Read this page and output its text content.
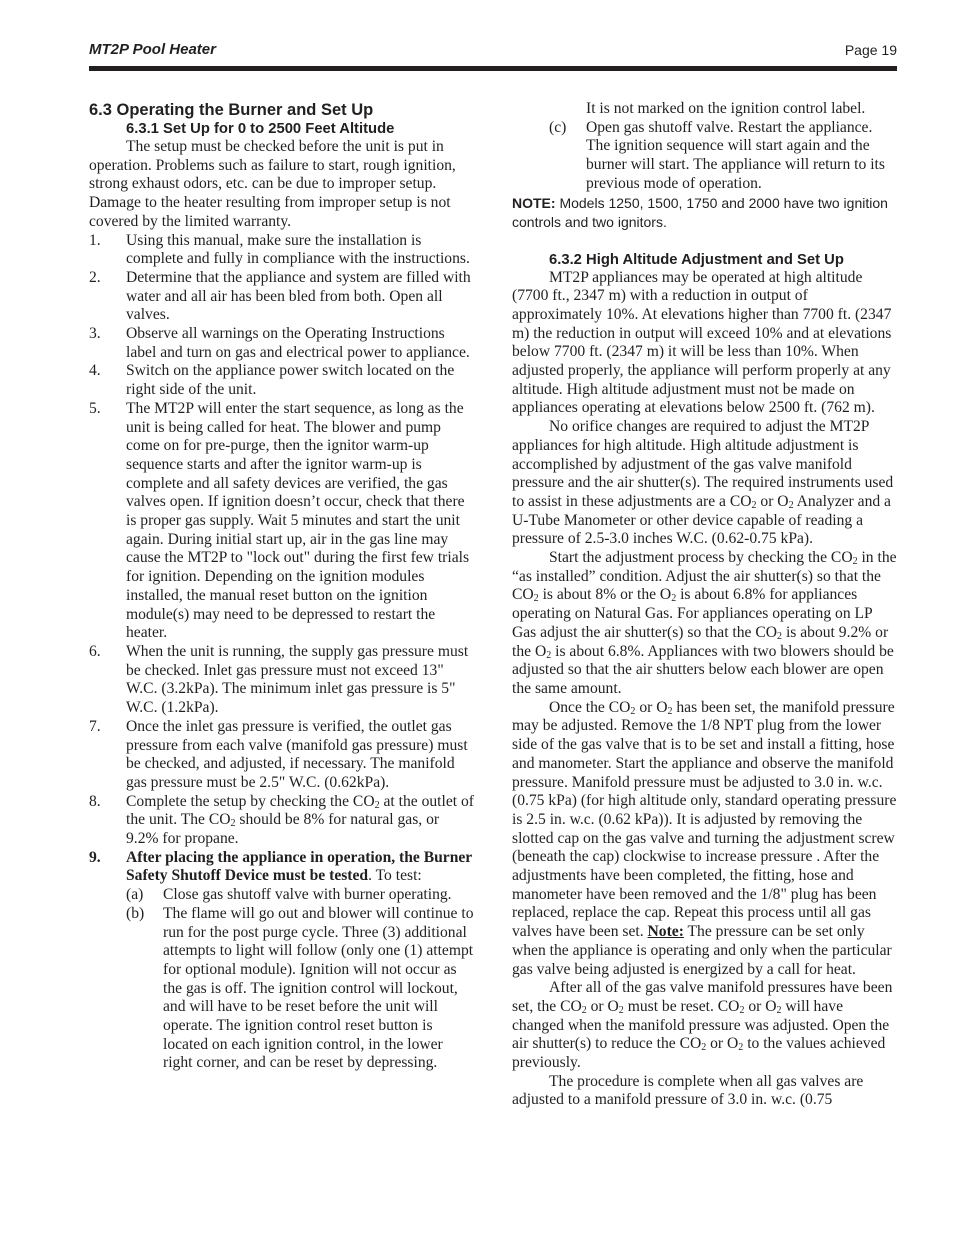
MT2P Pool Heater	Page 19

6.3 Operating the Burner and Set Up

6.3.1 Set Up for 0 to 2500 Feet Altitude

The setup must be checked before the unit is put in operation. Problems such as failure to start, rough ignition, strong exhaust odors, etc. can be due to improper setup. Damage to the heater resulting from improper setup is not covered by the limited warranty.

1. Using this manual, make sure the installation is complete and fully in compliance with the instructions.
2. Determine that the appliance and system are filled with water and all air has been bled from both. Open all valves.
3. Observe all warnings on the Operating Instructions label and turn on gas and electrical power to appliance.
4. Switch on the appliance power switch located on the right side of the unit.
5. The MT2P will enter the start sequence, as long as the unit is being called for heat. The blower and pump come on for pre-purge, then the ignitor warm-up sequence starts and after the ignitor warm-up is complete and all safety devices are verified, the gas valves open. If ignition doesn’t occur, check that there is proper gas supply. Wait 5 minutes and start the unit again. During initial start up, air in the gas line may cause the MT2P to "lock out" during the first few trials for ignition. Depending on the ignition modules installed, the manual reset button on the ignition module(s) may need to be depressed to restart the heater.
6. When the unit is running, the supply gas pressure must be checked. Inlet gas pressure must not exceed 13" W.C. (3.2kPa). The minimum inlet gas pressure is 5" W.C. (1.2kPa).
7. Once the inlet gas pressure is verified, the outlet gas pressure from each valve (manifold gas pressure) must be checked, and adjusted, if necessary. The manifold gas pressure must be 2.5" W.C. (0.62kPa).
8. Complete the setup by checking the $CO_2$ at the outlet of the unit. The $CO_2$ should be 8% for natural gas, or 9.2% for propane.
9. After placing the appliance in operation, the Burner Safety Shutoff Device must be tested. To test:
(a) Close gas shutoff valve with burner operating.
(b) The flame will go out and blower will continue to run for the post purge cycle. Three (3) additional attempts to light will follow (only one (1) attempt for optional module). Ignition will not occur as the gas is off. The ignition control will lockout, and will have to be reset before the unit will operate. The ignition control reset button is located on each ignition control, in the lower right corner, and can be reset by depressing.

It is not marked on the ignition control label.

(c) Open gas shutoff valve. Restart the appliance. The ignition sequence will start again and the burner will start. The appliance will return to its previous mode of operation.

NOTE: Models 1250, 1500, 1750 and 2000 have two ignition controls and two ignitors.

6.3.2 High Altitude Adjustment and Set Up

MT2P appliances may be operated at high altitude (7700 ft., 2347 m) with a reduction in output of approximately 10%. At elevations higher than 7700 ft. (2347 m) the reduction in output will exceed 10% and at elevations below 7700 ft. (2347 m) it will be less than 10%. When adjusted properly, the appliance will perform properly at any altitude. High altitude adjustment must not be made on appliances operating at elevations below 2500 ft. (762 m).

No orifice changes are required to adjust the MT2P appliances for high altitude. High altitude adjustment is accomplished by adjustment of the gas valve manifold pressure and the air shutter(s). The required instruments used to assist in these adjustments are a $CO_2$ or $O_2$ Analyzer and a U-Tube Manometer or other device capable of reading a pressure of 2.5-3.0 inches W.C. (0.62-0.75 kPa).

Start the adjustment process by checking the $CO_2$ in the “as installed” condition. Adjust the air shutter(s) so that the $CO_2$ is about 8% or the $O_2$ is about 6.8% for appliances operating on Natural Gas. For appliances operating on LP Gas adjust the air shutter(s) so that the $CO_2$ is about 9.2% or the $O_2$ is about 6.8%. Appliances with two blowers should be adjusted so that the air shutters below each blower are open the same amount.

Once the $CO_2$ or $O_2$ has been set, the manifold pressure may be adjusted. Remove the 1/8 NPT plug from the lower side of the gas valve that is to be set and install a fitting, hose and manometer. Start the appliance and observe the manifold pressure. Manifold pressure must be adjusted to 3.0 in. w.c. (0.75 kPa) (for high altitude only, standard operating pressure is 2.5 in. w.c. (0.62 kPa)). It is adjusted by removing the slotted cap on the gas valve and turning the adjustment screw (beneath the cap) clockwise to increase pressure . After the adjustments have been completed, the fitting, hose and manometer have been removed and the 1/8" plug has been replaced, replace the cap. Repeat this process until all gas valves have been set. Note: The pressure can be set only when the appliance is operating and only when the particular gas valve being adjusted is energized by a call for heat.

After all of the gas valve manifold pressures have been set, the $CO_2$ or $O_2$ must be reset. $CO_2$ or $O_2$ will have changed when the manifold pressure was adjusted. Open the air shutter(s) to reduce the $CO_2$ or $O_2$ to the values achieved previously.

The procedure is complete when all gas valves are adjusted to a manifold pressure of 3.0 in. w.c. (0.75
